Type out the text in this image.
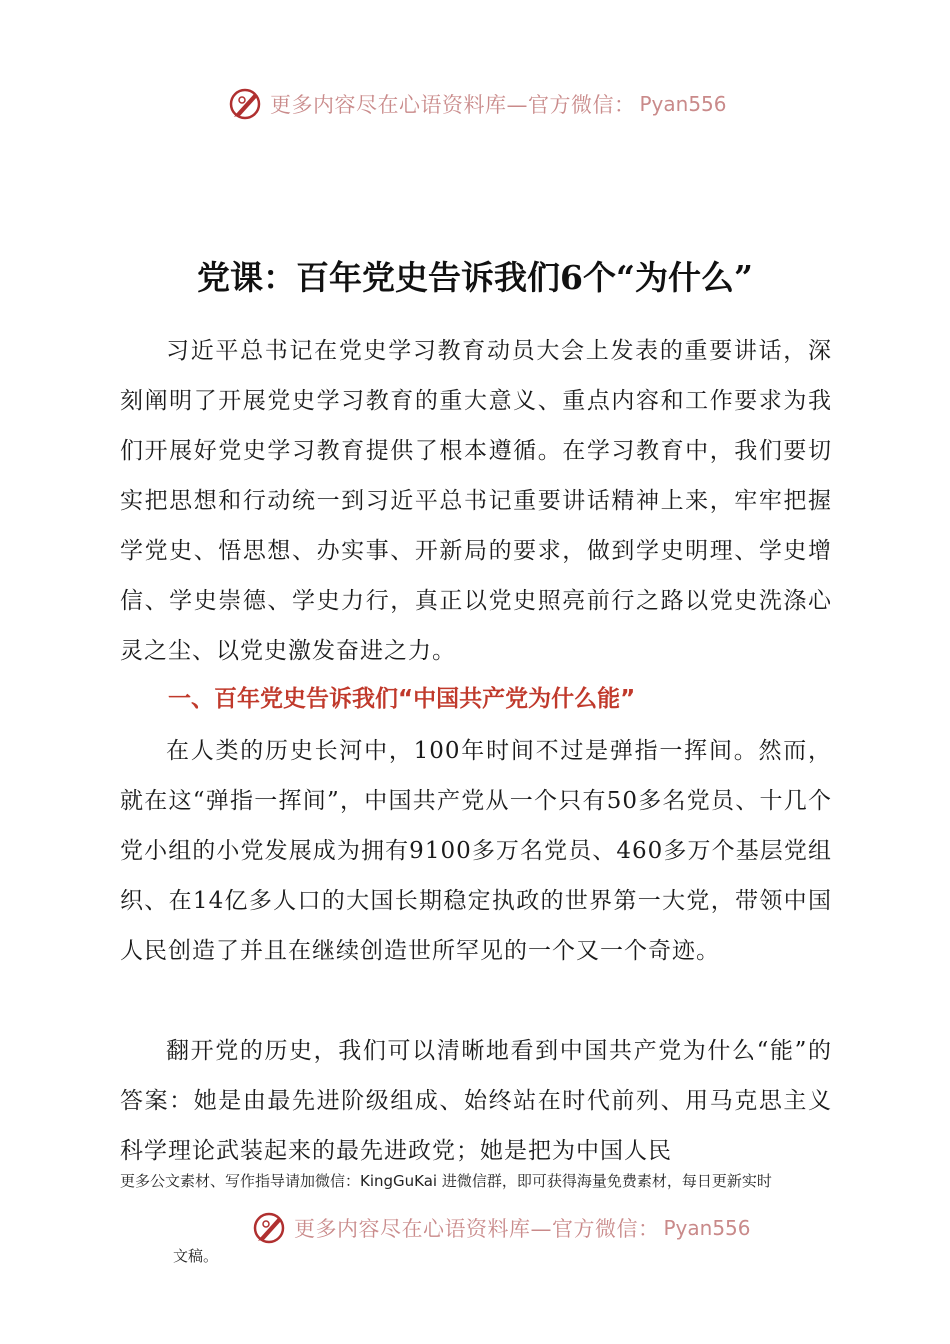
更多内容尽在心语资料库—官方微信： Pyan556
党课：百年党史告诉我们6个“为什么”

习近平总书记在党史学习教育动员大会上发表的重要讲话，深刻阐明了开展党史学习教育的重大意义、重点内容和工作要求为我们开展好党史学习教育提供了根本遵循。在学习教育中，我们要切实把思想和行动统一到习近平总书记重要讲话精神上来，牢牢把握学党史、悟思想、办实事、开新局的要求，做到学史明理、学史增信、学史崇德、学史力行，真正以党史照亮前行之路以党史洗涤心灵之尘、以党史激发奋进之力。

一、百年党史告诉我们“中国共产党为什么能”

在人类的历史长河中，100年时间不过是弹指一挥间。然而，就在这“弹指一挥间”，中国共产党从一个只有50多名党员、十几个党小组的小党发展成为拥有9100多万名党员、460多万个基层党组织、在14亿多人口的大国长期稳定执政的世界第一大党，带领中国人民创造了并且在继续创造世所罕见的一个又一个奇迹。

翻开党的历史，我们可以清晰地看到中国共产党为什么“能”的答案：她是由最先进阶级组成、始终站在时代前列、用马克思主义科学理论武装起来的最先进政党；她是把为中国人民

更多公文素材、写作指导请加微信：KingGuKai 进微信群，即可获得海量免费素材，每日更新实时
更多内容尽在心语资料库—官方微信： Pyan556
文稿。
